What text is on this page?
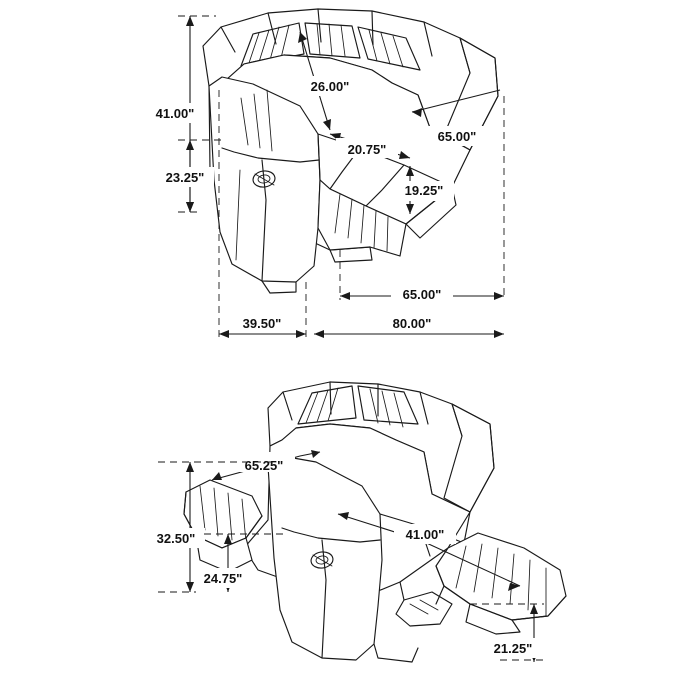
41.00"
23.25"
26.00"
20.75"
65.00"
19.25"
65.00"
39.50"	80.00"
65.25"
32.50"
24.75"
41.00"
21.25"
